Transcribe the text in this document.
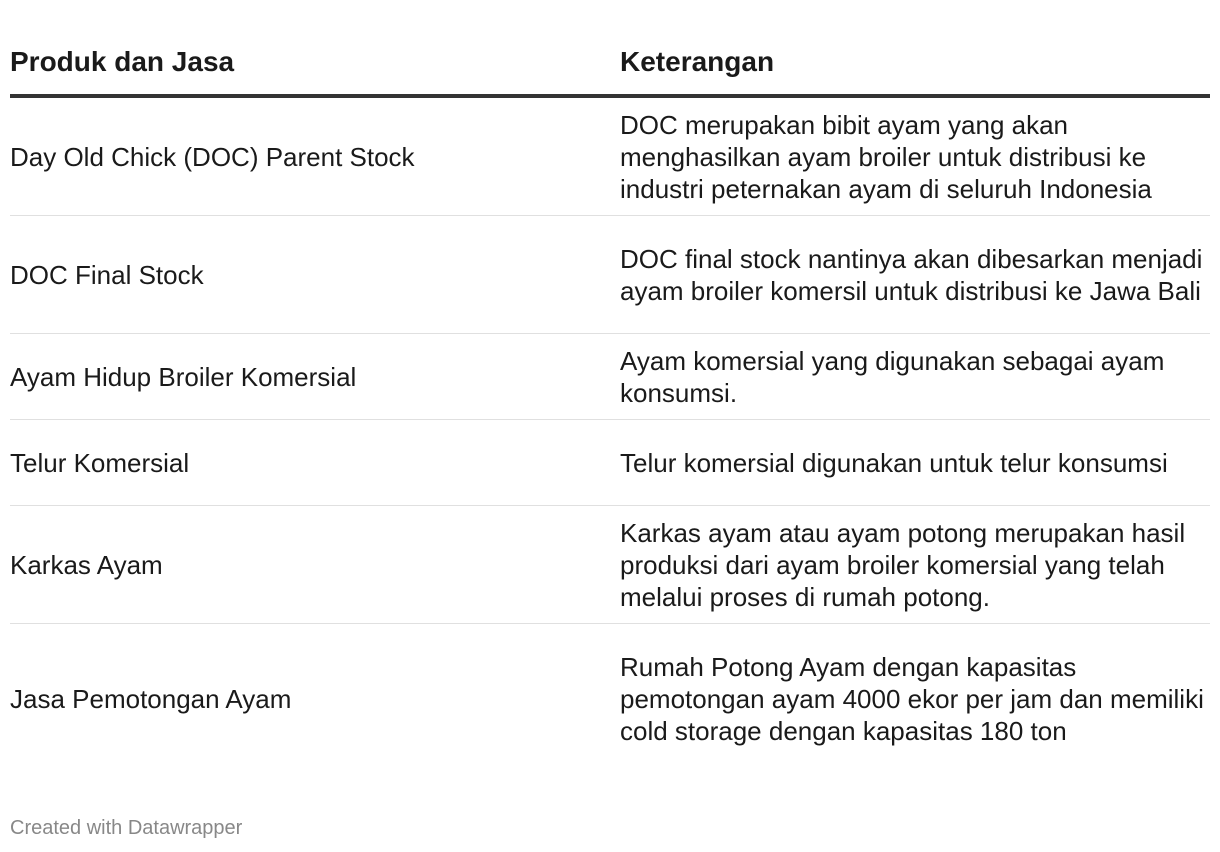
Produk dan Jasa	Keterangan
Day Old Chick (DOC) Parent Stock
DOC merupakan bibit ayam yang akan menghasilkan ayam broiler untuk distribusi ke industri peternakan ayam di seluruh Indonesia
DOC Final Stock
DOC final stock nantinya akan dibesarkan menjadi ayam broiler komersil untuk distribusi ke Jawa Bali
Ayam Hidup Broiler Komersial
Ayam komersial yang digunakan sebagai ayam konsumsi.
Telur Komersial	Telur komersial digunakan untuk telur konsumsi
Karkas Ayam
Karkas ayam atau ayam potong merupakan hasil produksi dari ayam broiler komersial yang telah melalui proses di rumah potong.
Jasa Pemotongan Ayam
Rumah Potong Ayam dengan kapasitas pemotongan ayam 4000 ekor per jam dan memiliki cold storage dengan kapasitas 180 ton
Created with Datawrapper
